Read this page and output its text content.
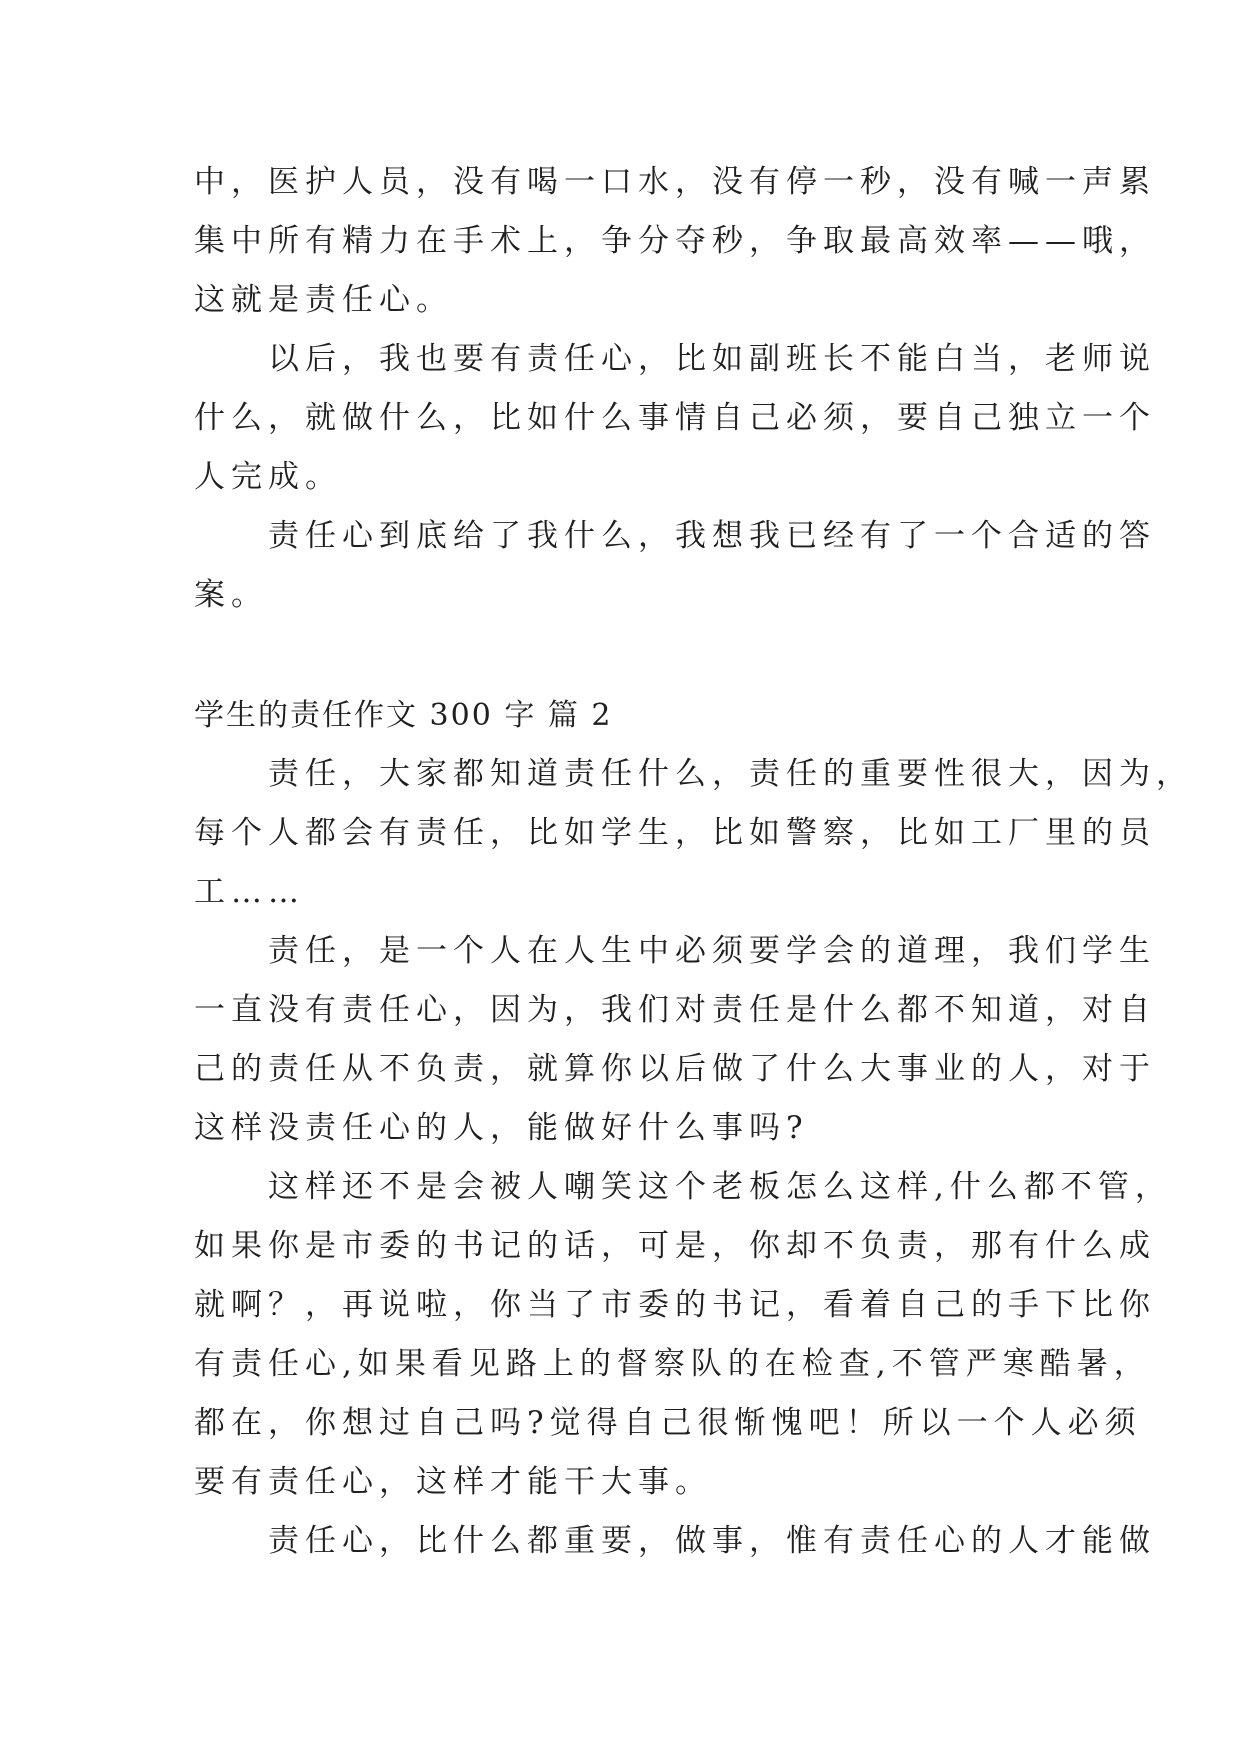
中，医护人员，没有喝一口水，没有停一秒，没有喊一声累
集中所有精力在手术上，争分夺秒，争取最高效率——哦，
这就是责任心。
　　以后，我也要有责任心，比如副班长不能白当，老师说
什么，就做什么，比如什么事情自己必须，要自己独立一个
人完成。
　　责任心到底给了我什么，我想我已经有了一个合适的答
案。
学生的责任作文 300 字 篇 2
　　责任，大家都知道责任什么，责任的重要性很大，因为，
每个人都会有责任，比如学生，比如警察，比如工厂里的员
工……
　　责任，是一个人在人生中必须要学会的道理，我们学生
一直没有责任心，因为，我们对责任是什么都不知道，对自
己的责任从不负责，就算你以后做了什么大事业的人，对于
这样没责任心的人，能做好什么事吗?
　　这样还不是会被人嘲笑这个老板怎么这样,什么都不管，
如果你是市委的书记的话，可是，你却不负责，那有什么成
就啊？，再说啦，你当了市委的书记，看着自己的手下比你
有责任心,如果看见路上的督察队的在检查,不管严寒酷暑，
都在，你想过自己吗?觉得自己很惭愧吧！所以一个人必须
要有责任心，这样才能干大事。
　　责任心，比什么都重要，做事，惟有责任心的人才能做
